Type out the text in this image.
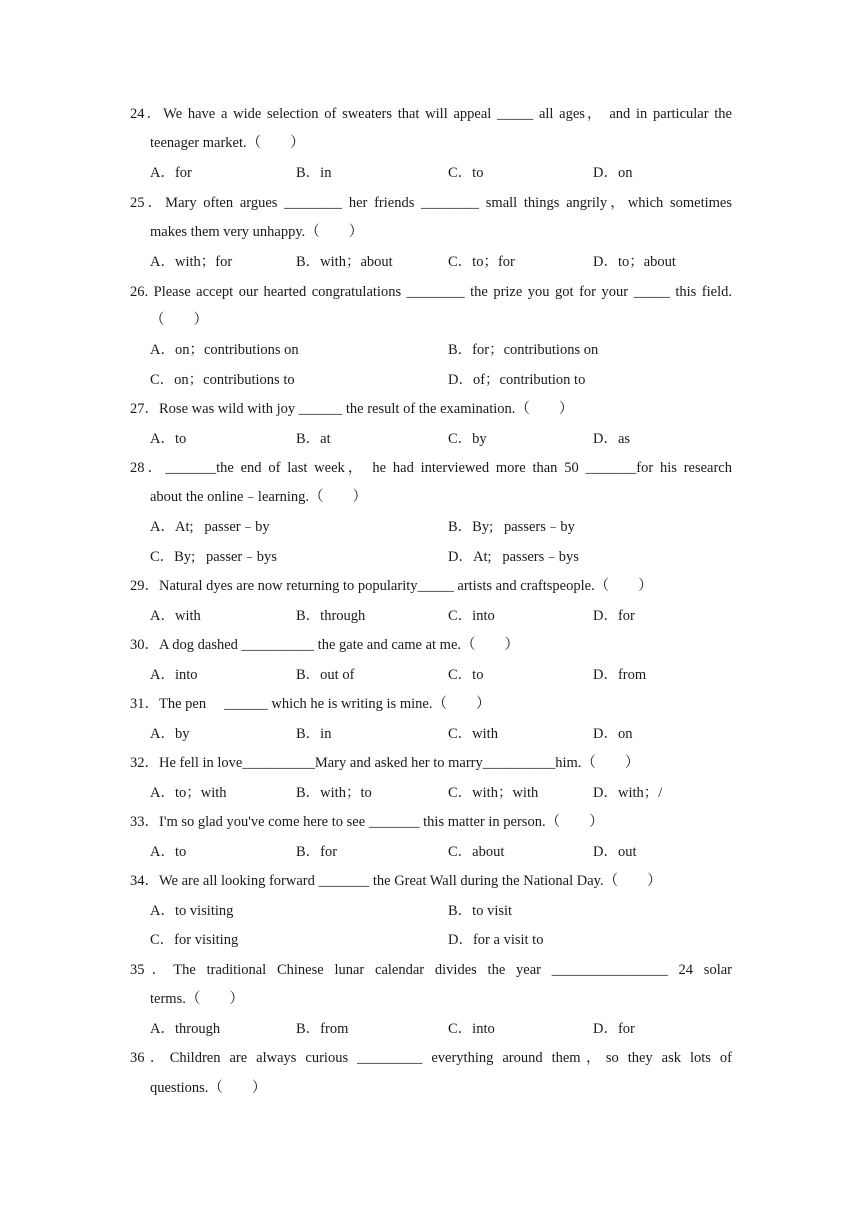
24．We have a wide selection of sweaters that will appeal _____ all ages， and in particular the
teenager market.（　　）
A．for	B．in	C．to	D．on
25．Mary often argues ________ her friends ________ small things angrily，which sometimes
makes them very unhappy.（　　）
A．with；for	B．with；about	C．to；for	D．to；about
26. Please accept our hearted congratulations ________ the prize you got for your _____ this field.
（　　）
A．on；contributions on	B．for；contributions on
C．on；contributions to	D．of；contribution to
27．Rose was wild with joy ______ the result of the examination.（　　）
A．to	B．at	C．by	D．as
28．_______the end of last week， he had interviewed more than 50 _______for his research
about the online﹣learning.（　　）
A．At;   passer﹣by	B．By;   passers﹣by
C．By;   passer﹣bys	D．At;   passers﹣bys
29．Natural dyes are now returning to popularity_____ artists and craftspeople.（　　）
A．with	B．through	C．into	D．for
30．A dog dashed __________ the gate and came at me.（　　）
A．into	B．out of	C．to	D．from
31．The pen     ______ which he is writing is mine.（　　）
A．by	B．in	C．with	D．on
32．He fell in love__________Mary and asked her to marry__________him.（　　）
A．to；with	B．with；to	C．with；with	D．with；/
33．I'm so glad you've come here to see _______ this matter in person.（　　）
A．to	B．for	C．about	D．out
34．We are all looking forward _______ the Great Wall during the National Day.（　　）
A．to visiting	B．to visit
C．for visiting	D．for a visit to
35．The traditional Chinese lunar calendar divides the year ________________ 24 solar
terms.（　　）
A．through	B．from	C．into	D．for
36．Children are always curious _________ everything around them，so they ask lots of
questions.（　　）
